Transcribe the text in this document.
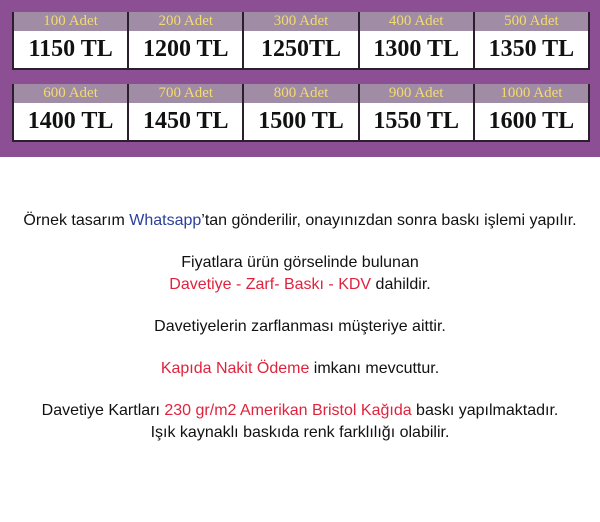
100 Adet
1150 TL
200 Adet
1200 TL
300 Adet
1250TL
400 Adet
1300 TL
500 Adet
1350 TL
600 Adet
1400 TL
700 Adet
1450 TL
800 Adet
1500 TL
900 Adet
1550 TL
1000 Adet
1600 TL

Örnek tasarım Whatsapp’tan gönderilir, onayınızdan sonra baskı işlemi yapılır.

Fiyatlara ürün görselinde bulunan

Davetiye - Zarf- Baskı - KDV dahildir.

Davetiyelerin zarflanması müşteriye aittir.

Kapıda Nakit Ödeme imkanı mevcuttur.

Davetiye Kartları 230 gr/m2 Amerikan Bristol Kağıda baskı yapılmaktadır.

Işık kaynaklı baskıda renk farklılığı olabilir.
